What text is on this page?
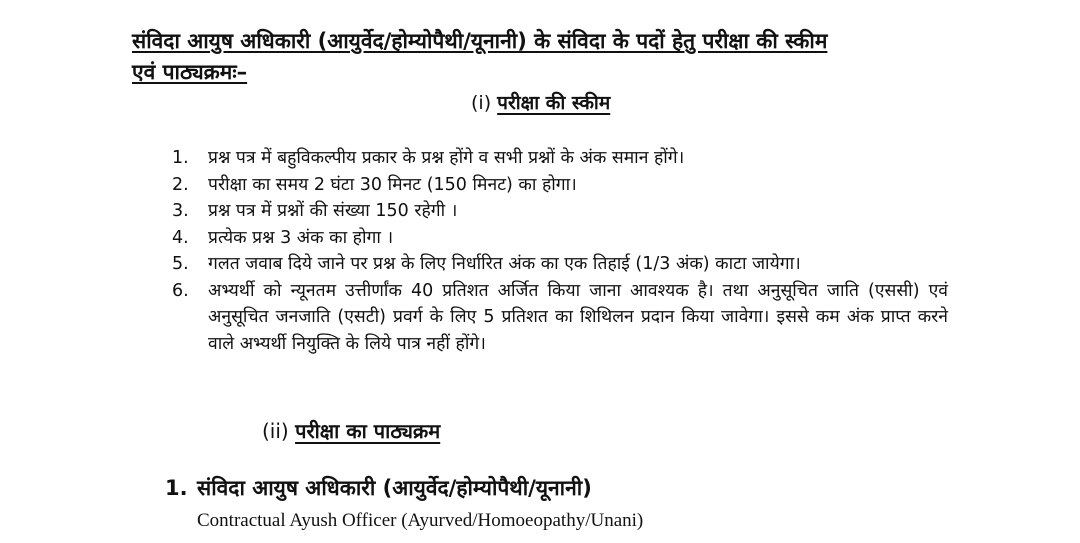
संविदा आयुष अधिकारी (आयुर्वेद/होम्योपैथी/यूनानी) के संविदा के पदों हेतु परीक्षा की स्कीम
एवं पाठ्यक्रमः–
(i) परीक्षा की स्कीम
1.	प्रश्न पत्र में बहुविकल्पीय प्रकार के प्रश्न होंगे व सभी प्रश्नों के अंक समान होंगे।
2.	परीक्षा का समय 2 घंटा 30 मिनट (150 मिनट) का होगा।
3.	प्रश्न पत्र में प्रश्नों की संख्या 150 रहेगी ।
4.	प्रत्येक प्रश्न 3 अंक का होगा ।
5.	गलत जवाब दिये जाने पर प्रश्न के लिए निर्धारित अंक का एक तिहाई (1/3 अंक) काटा जायेगा।
6.	अभ्यर्थी को न्यूनतम उत्तीर्णांक 40 प्रतिशत अर्जित किया जाना आवश्यक है। तथा अनुसूचित जाति (एससी) एवं अनुसूचित जनजाति (एसटी) प्रवर्ग के लिए 5 प्रतिशत का शिथिलन प्रदान किया जावेगा। इससे कम अंक प्राप्त करने वाले अभ्यर्थी नियुक्ति के लिये पात्र नहीं होंगे।
(ii) परीक्षा का पाठ्यक्रम
1. संविदा आयुष अधिकारी (आयुर्वेद/होम्योपैथी/यूनानी)
Contractual Ayush Officer (Ayurved/Homoeopathy/Unani)
